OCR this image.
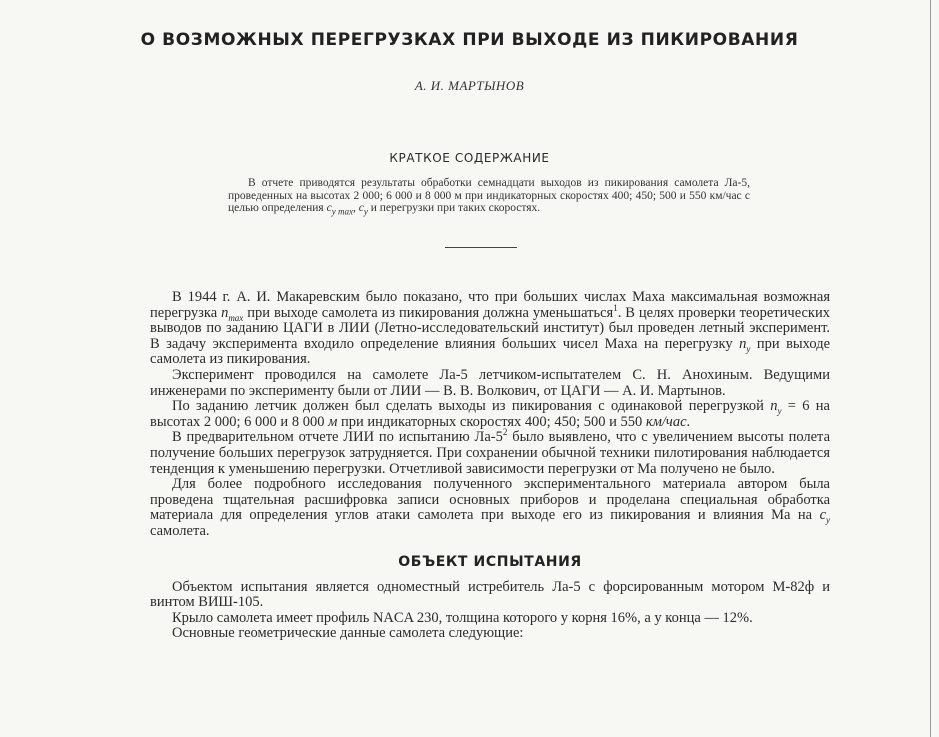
О ВОЗМОЖНЫХ ПЕРЕГРУЗКАХ ПРИ ВЫХОДЕ ИЗ ПИКИРОВАНИЯ

А. И. МАРТЫНОВ

КРАТКОЕ СОДЕРЖАНИЕ

В отчете приводятся результаты обработки семнадцати выходов из пикирования самолета Ла-5, проведенных на высотах 2 000; 6 000 и 8 000 м при индикаторных скоростях 400; 450; 500 и 550 км/час с целью определения $c_{y max}$, $c_y$ и перегрузки при таких скоростях.

В 1944 г. А. И. Макаревским было показано, что при больших числах Маха максимальная возможная перегрузка $n_{max}$ при выходе самолета из пикирования должна уменьшаться$^1$. В целях проверки теоретических выводов по заданию ЦАГИ в ЛИИ (Летно-исследовательский институт) был проведен летный эксперимент. В задачу эксперимента входило определение влияния больших чисел Маха на перегрузку $n_y$ при выходе самолета из пикирования.

Эксперимент проводился на самолете Ла-5 летчиком-испытателем С. Н. Анохиным. Ведущими инженерами по эксперименту были от ЛИИ — В. В. Волкович, от ЦАГИ — А. И. Мартынов.

По заданию летчик должен был сделать выходы из пикирования с одинаковой перегрузкой $n_y = 6$ на высотах 2 000; 6 000 и 8 000 м при индикаторных скоростях 400; 450; 500 и 550 км/час.

В предварительном отчете ЛИИ по испытанию $Ла-5^2$ было выявлено, что с увеличением высоты полета получение больших перегрузок затрудняется. При сохранении обычной техники пилотирования наблюдается тенденция к уменьшению перегрузки. Отчетливой зависимости перегрузки от Ма получено не было.

Для более подробного исследования полученного экспериментального материала автором была проведена тщательная расшифровка записи основных приборов и проделана специальная обработка материала для определения углов атаки самолета при выходе его из пикирования и влияния Ма на $c_y$ самолета.

ОБЪЕКТ ИСПЫТАНИЯ

Объектом испытания является одноместный истребитель Ла-5 с форсированным мотором М-82ф и винтом ВИШ-105.

Крыло самолета имеет профиль NACA 230, толщина которого у корня 16%, а у конца — 12%.

Основные геометрические данные самолета следующие:
